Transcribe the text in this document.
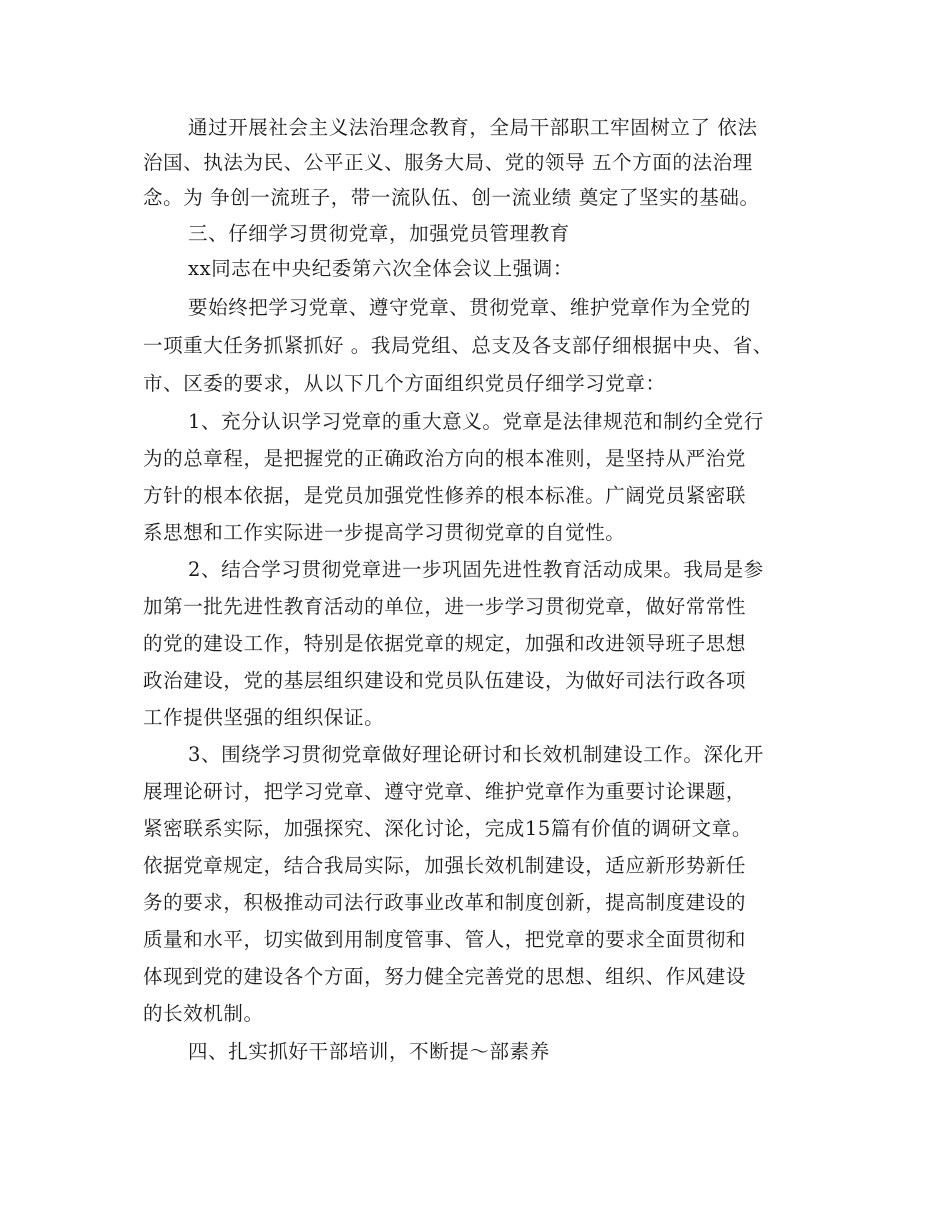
通过开展社会主义法治理念教育，全局干部职工牢固树立了 依法
治国、执法为民、公平正义、服务大局、党的领导 五个方面的法治理
念。为 争创一流班子，带一流队伍、创一流业绩 奠定了坚实的基础。
三、仔细学习贯彻党章，加强党员管理教育
xx同志在中央纪委第六次全体会议上强调：
要始终把学习党章、遵守党章、贯彻党章、维护党章作为全党的
一项重大任务抓紧抓好 。我局党组、总支及各支部仔细根据中央、省、
市、区委的要求，从以下几个方面组织党员仔细学习党章：
1、充分认识学习党章的重大意义。党章是法律规范和制约全党行
为的总章程，是把握党的正确政治方向的根本准则，是坚持从严治党
方针的根本依据，是党员加强党性修养的根本标准。广阔党员紧密联
系思想和工作实际进一步提高学习贯彻党章的自觉性。
2、结合学习贯彻党章进一步巩固先进性教育活动成果。我局是参
加第一批先进性教育活动的单位，进一步学习贯彻党章，做好常常性
的党的建设工作，特别是依据党章的规定，加强和改进领导班子思想
政治建设，党的基层组织建设和党员队伍建设，为做好司法行政各项
工作提供坚强的组织保证。
3、围绕学习贯彻党章做好理论研讨和长效机制建设工作。深化开
展理论研讨，把学习党章、遵守党章、维护党章作为重要讨论课题，
紧密联系实际，加强探究、深化讨论，完成15篇有价值的调研文章。
依据党章规定，结合我局实际，加强长效机制建设，适应新形势新任
务的要求，积极推动司法行政事业改革和制度创新，提高制度建设的
质量和水平，切实做到用制度管事、管人，把党章的要求全面贯彻和
体现到党的建设各个方面，努力健全完善党的思想、组织、作风建设
的长效机制。
四、扎实抓好干部培训，不断提～部素养
